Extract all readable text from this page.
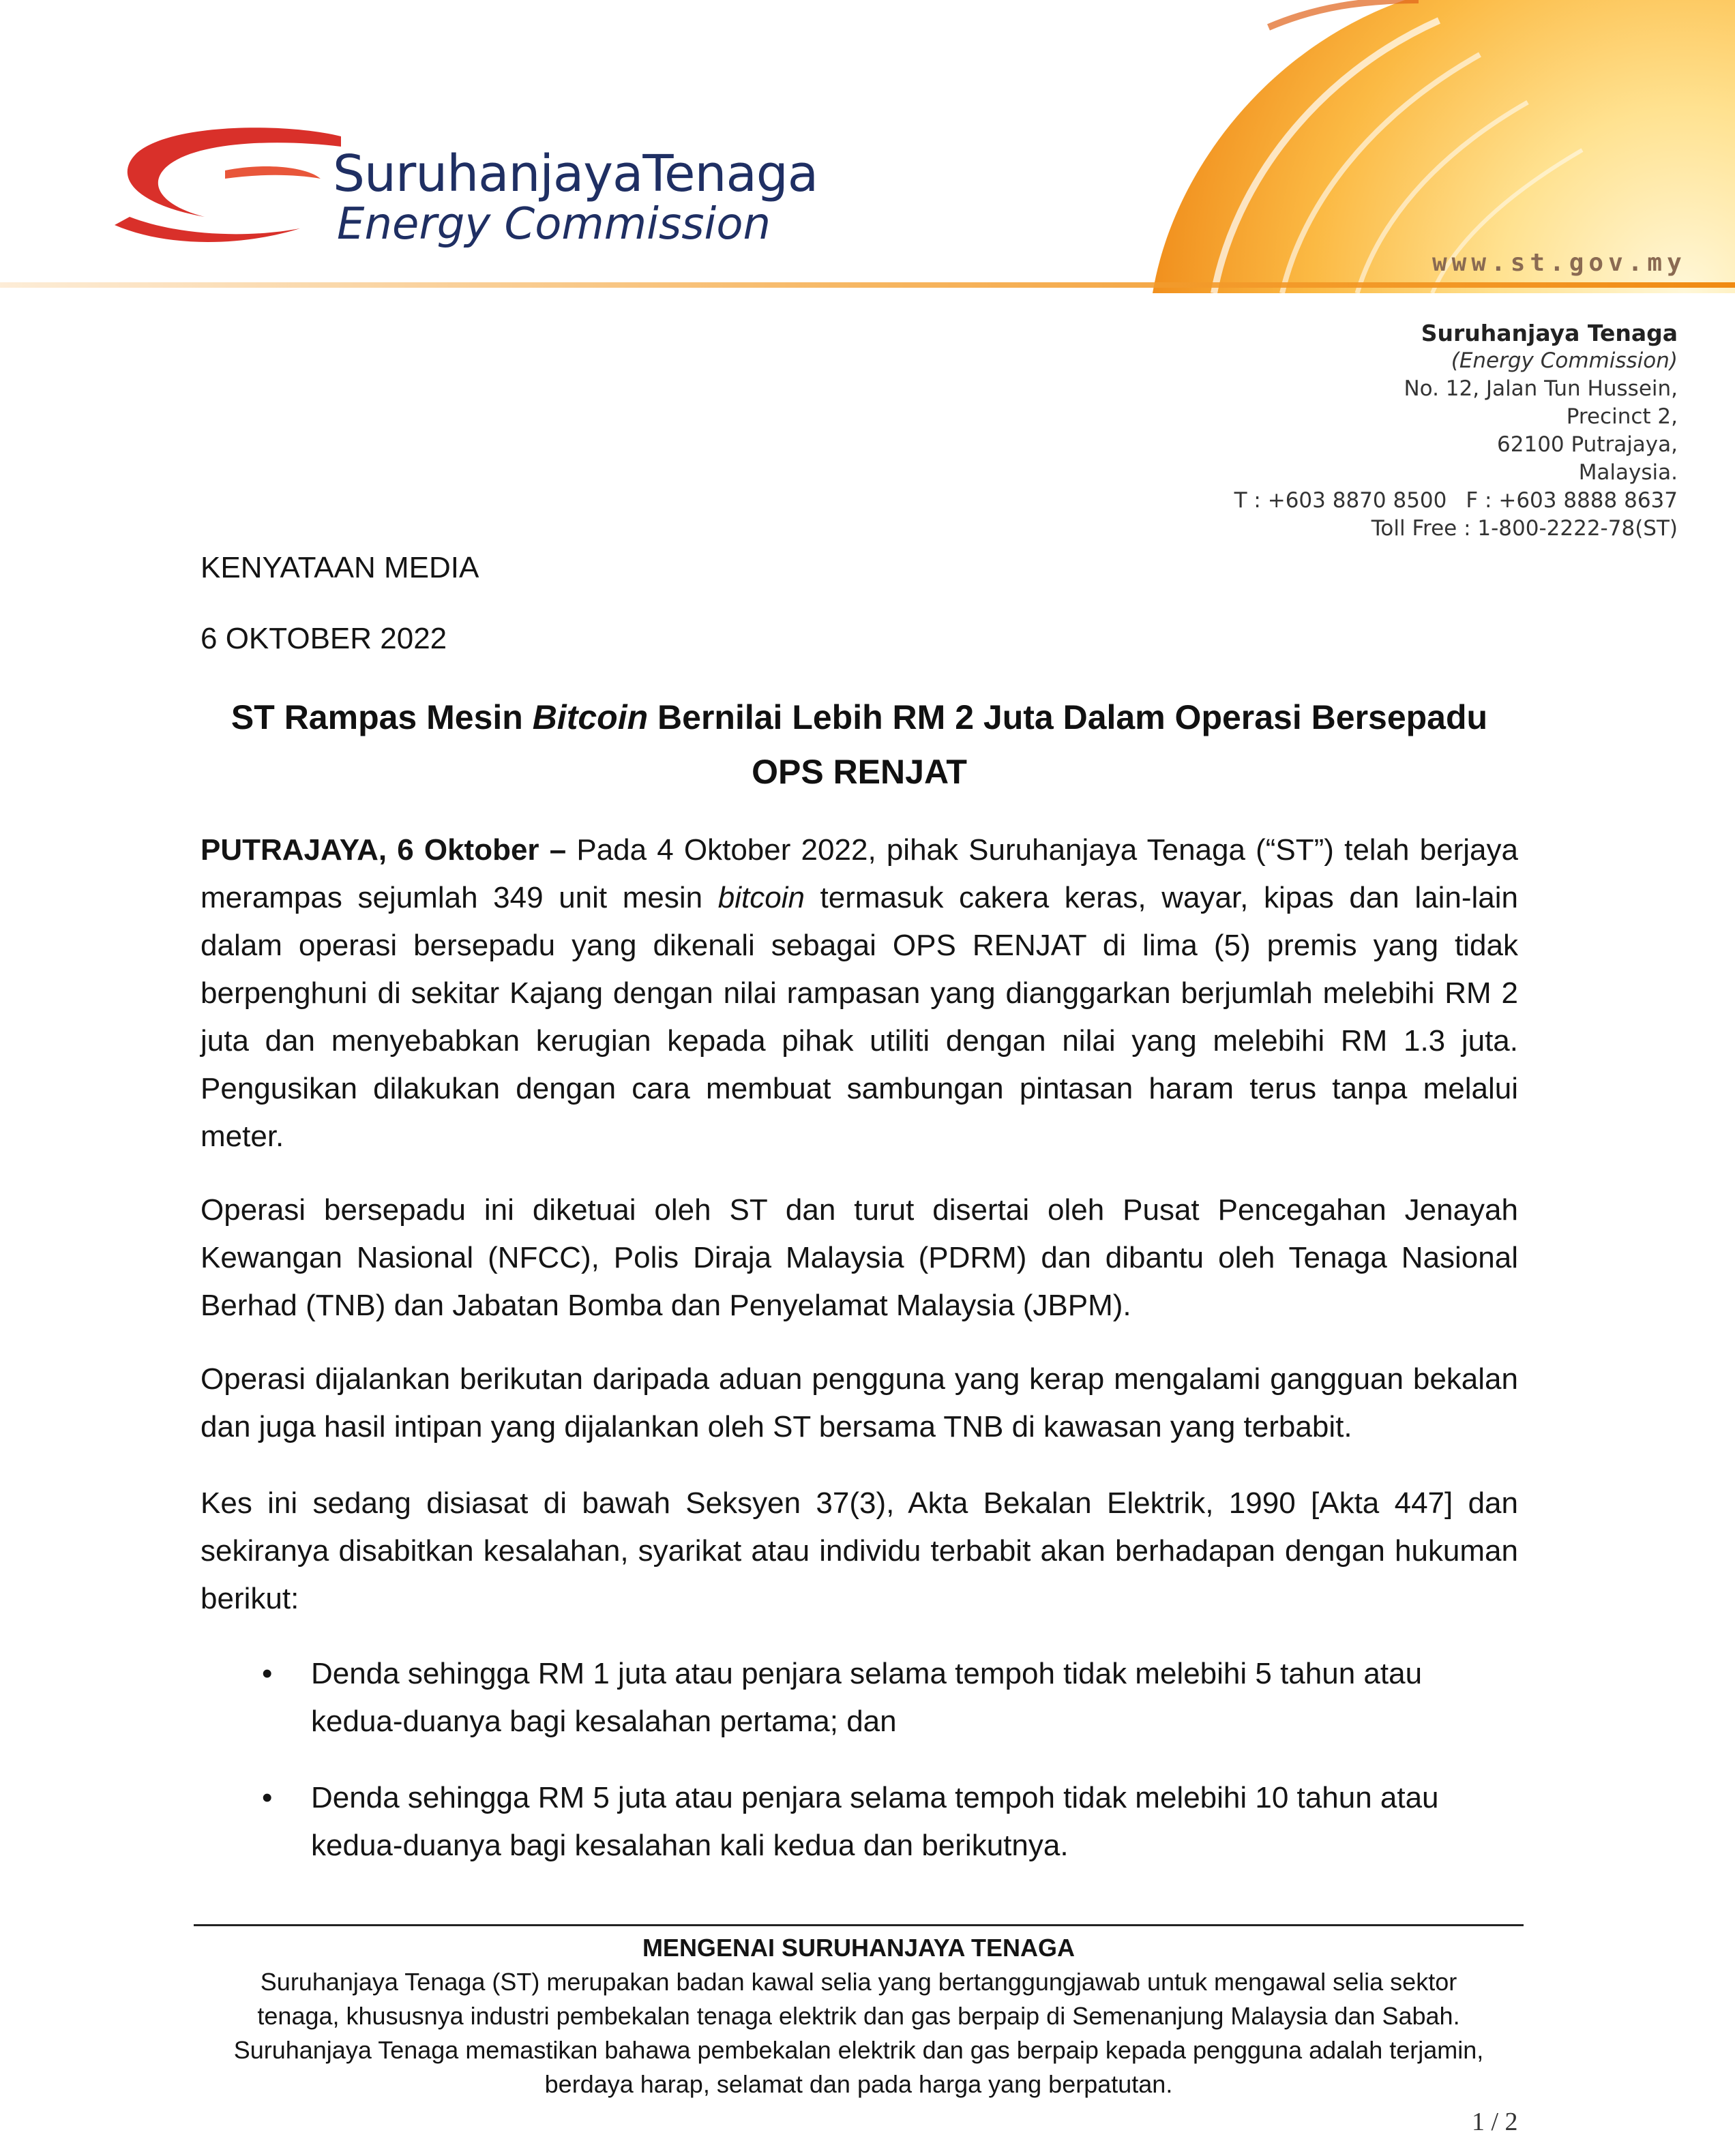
SuruhanjayaTenaga
Energy Commission
www.st.gov.my
Suruhanjaya Tenaga
(Energy Commission)
No. 12, Jalan Tun Hussein,
Precinct 2,
62100 Putrajaya,
Malaysia.
T : +603 8870 8500 F : +603 8888 8637
Toll Free : 1-800-2222-78(ST)
KENYATAAN MEDIA
6 OKTOBER 2022
ST Rampas Mesin Bitcoin Bernilai Lebih RM 2 Juta Dalam Operasi Bersepadu
OPS RENJAT

PUTRAJAYA, 6 Oktober – Pada 4 Oktober 2022, pihak Suruhanjaya Tenaga (“ST”) telah berjaya merampas sejumlah 349 unit mesin bitcoin termasuk cakera keras, wayar, kipas dan lain-lain dalam operasi bersepadu yang dikenali sebagai OPS RENJAT di lima (5) premis yang tidak berpenghuni di sekitar Kajang dengan nilai rampasan yang dianggarkan berjumlah melebihi RM 2 juta dan menyebabkan kerugian kepada pihak utiliti dengan nilai yang melebihi RM 1.3 juta. Pengusikan dilakukan dengan cara membuat sambungan pintasan haram terus tanpa melalui meter.

Operasi bersepadu ini diketuai oleh ST dan turut disertai oleh Pusat Pencegahan Jenayah Kewangan Nasional (NFCC), Polis Diraja Malaysia (PDRM) dan dibantu oleh Tenaga Nasional Berhad (TNB) dan Jabatan Bomba dan Penyelamat Malaysia (JBPM).

Operasi dijalankan berikutan daripada aduan pengguna yang kerap mengalami gangguan bekalan dan juga hasil intipan yang dijalankan oleh ST bersama TNB di kawasan yang terbabit.

Kes ini sedang disiasat di bawah Seksyen 37(3), Akta Bekalan Elektrik, 1990 [Akta 447] dan sekiranya disabitkan kesalahan, syarikat atau individu terbabit akan berhadapan dengan hukuman berikut:

• Denda sehingga RM 1 juta atau penjara selama tempoh tidak melebihi 5 tahun atau kedua-duanya bagi kesalahan pertama; dan
• Denda sehingga RM 5 juta atau penjara selama tempoh tidak melebihi 10 tahun atau kedua-duanya bagi kesalahan kali kedua dan berikutnya.
MENGENAI SURUHANJAYA TENAGA
Suruhanjaya Tenaga (ST) merupakan badan kawal selia yang bertanggungjawab untuk mengawal selia sektor
tenaga, khususnya industri pembekalan tenaga elektrik dan gas berpaip di Semenanjung Malaysia dan Sabah.
Suruhanjaya Tenaga memastikan bahawa pembekalan elektrik dan gas berpaip kepada pengguna adalah terjamin,
berdaya harap, selamat dan pada harga yang berpatutan.
1 / 2
